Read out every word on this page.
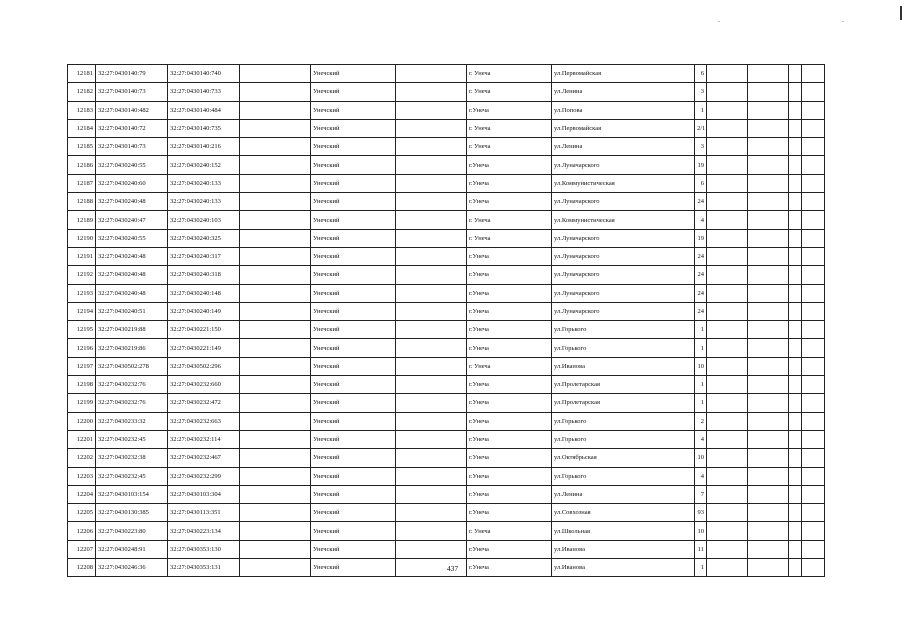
12181	32:27:0430140:79	32:27:0430140:740		Унечский		г. Унеча	ул.Первомайская	6				
12182	32:27:0430140:73	32:27:0430140:733		Унечский		г. Унеча	ул.Ленина	3				
12183	32:27:0430140:482	32:27:0430140:484		Унечский		г.Унеча	ул.Попова	1				
12184	32:27:0430140:72	32:27:0430140:735		Унечский		г. Унеча	ул.Первомайская	2/1				
12185	32:27:0430140:73	32:27:0430140:216		Унечский		г. Унеча	ул.Ленина	3				
12186	32:27:0430240:55	32:27:0430240:152		Унечский		г.Унеча	ул.Луначарского	19				
12187	32:27:0430240:60	32:27:0430240:133		Унечский		г.Унеча	ул.Коммунистическая	6				
12188	32:27:0430240:48	32:27:0430240:133		Унечский		г.Унеча	ул.Луначарского	24				
12189	32:27:0430240:47	32:27:0430240:103		Унечский		г. Унеча	ул.Коммунистическая	4				
12190	32:27:0430240:55	32:27:0430240:325		Унечский		г. Унеча	ул.Луначарского	19				
12191	32:27:0430240:48	32:27:0430240:317		Унечский		г.Унеча	ул.Луначарского	24				
12192	32:27:0430240:48	32:27:0430240:318		Унечский		г.Унеча	ул.Луначарского	24				
12193	32:27:0430240:48	32:27:0430240:148		Унечский		г.Унеча	ул.Луначарского	24				
12194	32:27:0430240:51	32:27:0430240:149		Унечский		г.Унеча	ул.Луначарского	24				
12195	32:27:0430219:88	32:27:0430221:150		Унечский		г.Унеча	ул.Горького	1				
12196	32:27:0430219:86	32:27:0430221:149		Унечский		г.Унеча	ул.Горького	1				
12197	32:27:0430502:278	32:27:0430502:296		Унечский		г. Унеча	ул.Иванова	10				
12198	32:27:0430232:76	32:27:0430232:660		Унечский		г.Унеча	ул.Пролетарская	1				
12199	32:27:0430232:76	32:27:0430232:472		Унечский		г.Унеча	ул.Пролетарская	1				
12200	32:27:0430233:32	32:27:0430232:663		Унечский		г.Унеча	ул.Горького	2				
12201	32:27:0430232:45	32:27:0430232:114		Унечский		г.Унеча	ул.Горького	4				
12202	32:27:0430232:38	32:27:0430232:467		Унечский		г.Унеча	ул.Октябрьская	10				
12203	32:27:0430232:45	32:27:0430232:299		Унечский		г.Унеча	ул.Горького	4				
12204	32:27:0430103:154	32:27:0430103:304		Унечский		г.Унеча	ул.Ленина	7				
12205	32:27:0430130:385	32:27:0430113:351		Унечский		г.Унеча	ул.Совхозная	93				
12206	32:27:0430223:80	32:27:0430223:134		Унечский		г. Унеча	ул.Школьная	10				
12207	32:27:0430248:91	32:27:0430353:130		Унечский		г.Унеча	ул.Иванова	11				
12208	32:27:0430246:36	32:27:0430353:131		Унечский		г.Унеча	ул.Иванова	1				
437
